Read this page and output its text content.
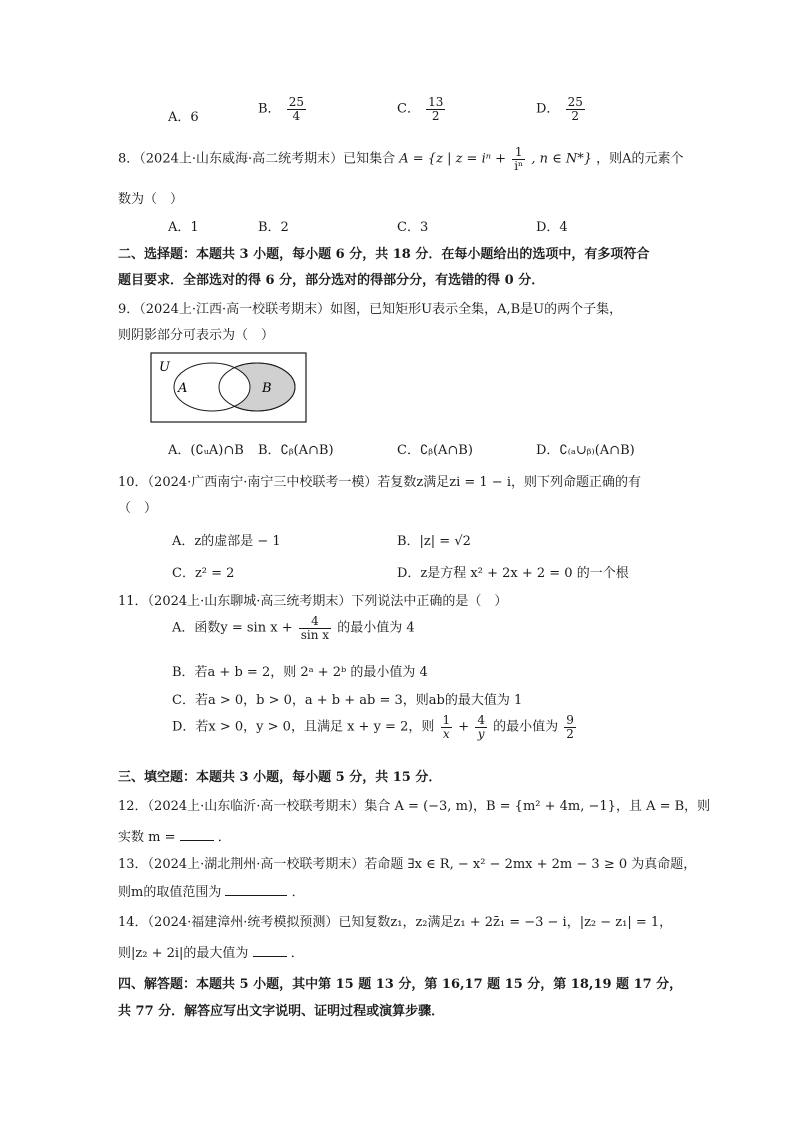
A．6
B． $\frac{25}{4}$	C． $\frac{13}{2}$	D． $\frac{25}{2}$
8．（2024上·山东威海·高二统考期末）已知集合 A = {z | $z = i^n + \frac{1}{\text{iⁿ}}$ , n ∈ N*} ，则A的元素个
数为（　）
A．1	B．2	C．3	D．4
二、选择题：本题共 3 小题，每小题 6 分，共 18 分．在每小题给出的选项中，有多项符合
题目要求．全部选对的得 6 分，部分选对的得部分分，有选错的得 0 分．
9．（2024上·江西·高一校联考期末）如图，已知矩形U表示全集，A,B是U的两个子集，
则阴影部分可表示为（　）
U
A	B
A．(∁ᵤA)∩B B．∁ᵦ(A∩B)	C．∁ᵦ(A∩B)	D．∁₍ₐ∪ᵦ₎(A∩B)
10．（2024·广西南宁·南宁三中校联考一模）若复数z满足zi = 1 − i，则下列命题正确的有
（　）
A．z的虚部是 − 1	B．|z| = √2
C．z² = 2	D．z是方程 x² + 2x + 2 = 0 的一个根
11．（2024上·山东聊城·高三统考期末）下列说法中正确的是（　）
A．函数$y = \sin x + \frac{4}{\text{sin x}}$ 的最小值为 4
B．若a + b = 2，则 2ᵃ + 2ᵇ 的最小值为 4
C．若a > 0，b > 0，a + b + ab = 3，则ab的最大值为 1
D．若x > 0，y > 0，且满足 x + y = 2，则 $\frac{1}{x} + \frac{4}{y}$ 的最小值为 $\frac{9}{2}$
三、填空题：本题共 3 小题，每小题 5 分，共 15 分．
12．（2024上·山东临沂·高一校联考期末）集合 A = (−3, m)，B = {m² + 4m, −1}，且 A = B，则
实数 m =	．
13．（2024上·湖北荆州·高一校联考期末）若命题 ∃x ∈ R, − x² − 2mx + 2m − 3 ≥ 0 为真命题，
则m的取值范围为	．
14．（2024·福建漳州·统考模拟预测）已知复数z₁，z₂满足z₁ + 2z̄₁ = −3 − i，|z₂ − z₁| = 1，
则|z₂ + 2i|的最大值为	．
四、解答题：本题共 5 小题，其中第 15 题 13 分，第 16,17 题 15 分，第 18,19 题 17 分，
共 77 分．解答应写出文字说明、证明过程或演算步骤．
